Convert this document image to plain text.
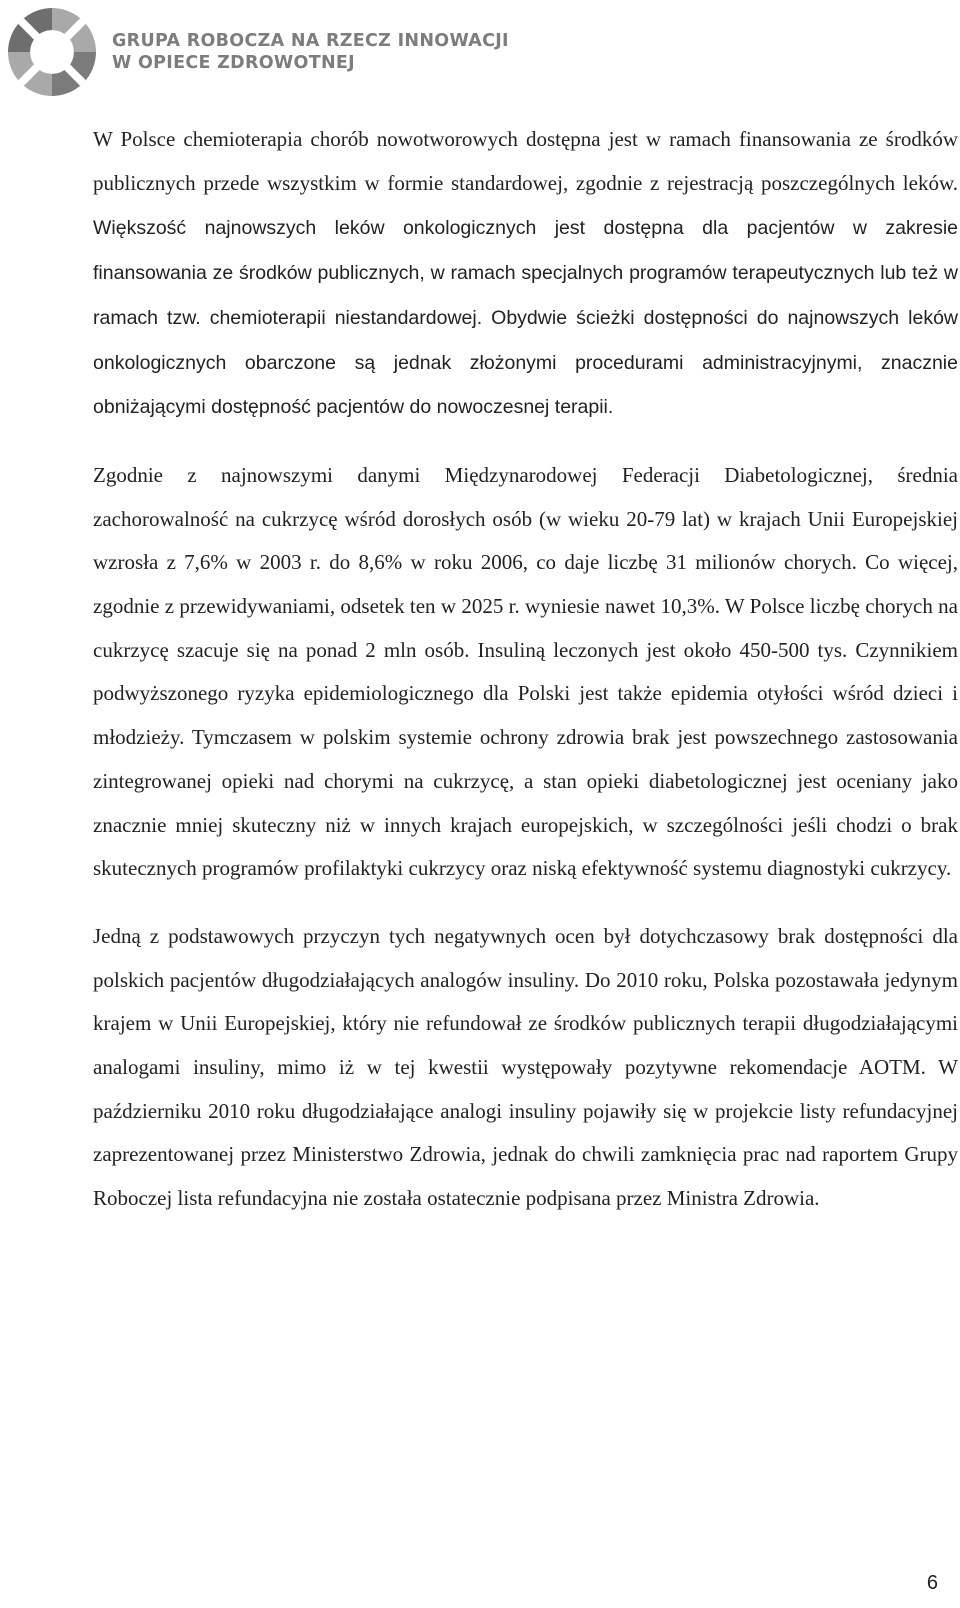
GRUPA ROBOCZA NA RZECZ INNOWACJI
W OPIECE ZDROWOTNEJ

W Polsce chemioterapia chorób nowotworowych dostępna jest w ramach finansowania ze środków publicznych przede wszystkim w formie standardowej, zgodnie z rejestracją poszczególnych leków. Większość najnowszych leków onkologicznych jest dostępna dla pacjentów w zakresie finansowania ze środków publicznych, w ramach specjalnych programów terapeutycznych lub też w ramach tzw. chemioterapii niestandardowej. Obydwie ścieżki dostępności do najnowszych leków onkologicznych obarczone są jednak złożonymi procedurami administracyjnymi, znacznie obniżającymi dostępność pacjentów do nowoczesnej terapii.

Zgodnie z najnowszymi danymi Międzynarodowej Federacji Diabetologicznej, średnia zachorowalność na cukrzycę wśród dorosłych osób (w wieku 20-79 lat) w krajach Unii Europejskiej wzrosła z 7,6% w 2003 r. do 8,6% w roku 2006, co daje liczbę 31 milionów chorych. Co więcej, zgodnie z przewidywaniami, odsetek ten w 2025 r. wyniesie nawet 10,3%. W Polsce liczbę chorych na cukrzycę szacuje się na ponad 2 mln osób. Insuliną leczonych jest około 450-500 tys. Czynnikiem podwyższonego ryzyka epidemiologicznego dla Polski jest także epidemia otyłości wśród dzieci i młodzieży. Tymczasem w polskim systemie ochrony zdrowia brak jest powszechnego zastosowania zintegrowanej opieki nad chorymi na cukrzycę, a stan opieki diabetologicznej jest oceniany jako znacznie mniej skuteczny niż w innych krajach europejskich, w szczególności jeśli chodzi o brak skutecznych programów profilaktyki cukrzycy oraz niską efektywność systemu diagnostyki cukrzycy.

Jedną z podstawowych przyczyn tych negatywnych ocen był dotychczasowy brak dostępności dla polskich pacjentów długodziałających analogów insuliny. Do 2010 roku, Polska pozostawała jedynym krajem w Unii Europejskiej, który nie refundował ze środków publicznych terapii długodziałającymi analogami insuliny, mimo iż w tej kwestii występowały pozytywne rekomendacje AOTM. W październiku 2010 roku długodziałające analogi insuliny pojawiły się w projekcie listy refundacyjnej zaprezentowanej przez Ministerstwo Zdrowia, jednak do chwili zamknięcia prac nad raportem Grupy Roboczej lista refundacyjna nie została ostatecznie podpisana przez Ministra Zdrowia.

6
